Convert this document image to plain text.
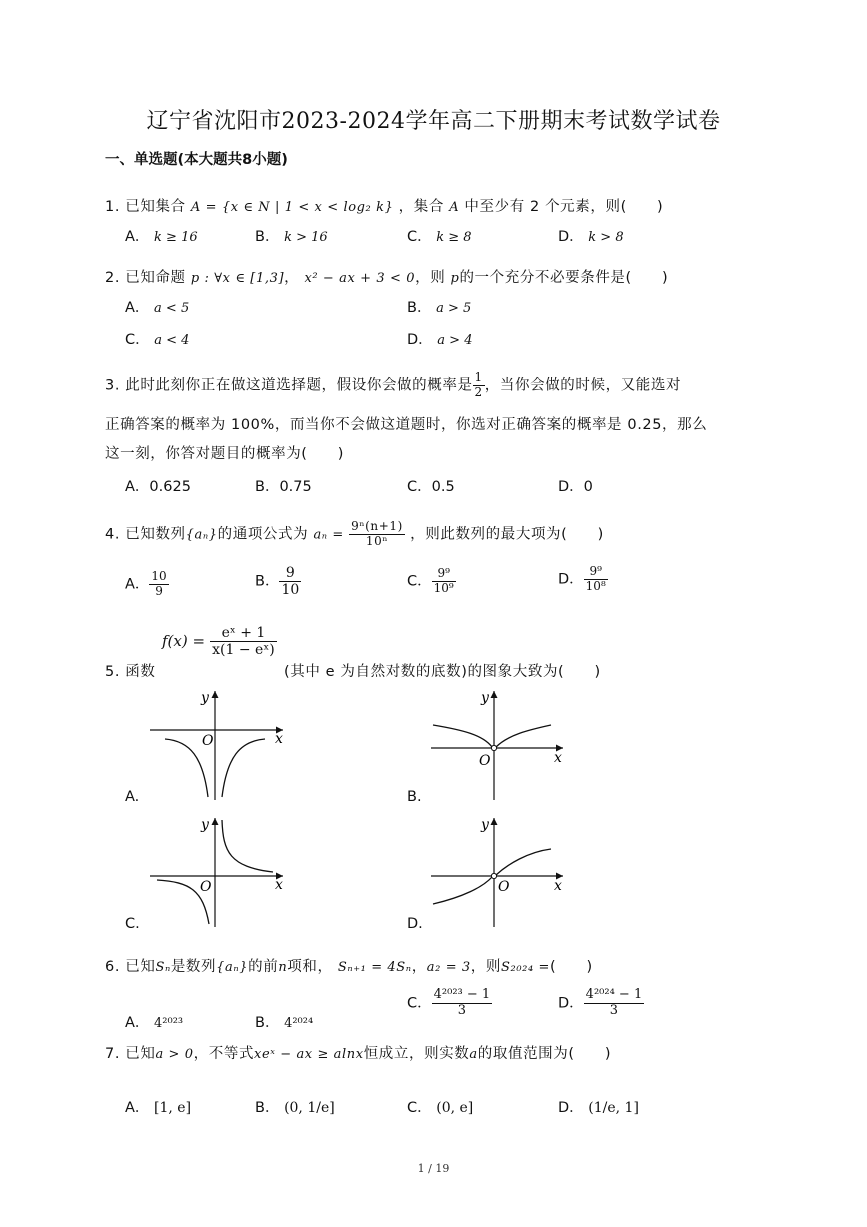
辽宁省沈阳市2023-2024学年高二下册期末考试数学试卷
一、单选题(本大题共8小题)
1. 已知集合 A = {x ∈ N | 1 < x < log₂ k} ，集合 A 中至少有 2 个元素，则(　　)
A． k ≥ 16	B． k > 16	C． k ≥ 8	D． k > 8
2. 已知命题 p : ∀x ∈ [1,3]， x² − ax + 3 < 0，则 p的一个充分不必要条件是(　　)
A． a < 5	B． a > 5
C． a < 4	D． a > 4
3. 此时此刻你正在做这道选择题，假设你会做的概率是 $\frac{1}{2}$ ，当你会做的时候，又能选对
正确答案的概率为 100%，而当你不会做这道题时，你选对正确答案的概率是 0.25，那么
这一刻，你答对题目的概率为(　　)
A．0.625	B．0.75	C．0.5	D．0
4. 已知数列{aₙ}的通项公式为 $a_n = \frac{\text{9ⁿ(n+1)}}{\text{10ⁿ}}$ ，则此数列的最大项为(　　)
A． $\frac{10}{9}$	B． $\frac{9}{10}$	C． $\frac{\text{9⁹}}{\text{10⁹}}$	D． $\frac{\text{9⁹}}{\text{10⁸}}$
$f(x) = \frac{\text{eˣ + 1}}{\text{x(1 − eˣ)}}$
5. 函数	(其中 e 为自然对数的底数)的图象大致为(　　)
A.	B.
C.	D.
x
y
O
x
y
O
x
y
O	x
y
O
6. 已知Sₙ是数列{aₙ}的前n项和， Sₙ₊₁ = 4Sₙ，a₂ = 3，则S₂₀₂₄ =(　　)
A． 4²⁰²³	B． 4²⁰²⁴
C． $\frac{\text{4²⁰²³ − 1}}{3}$	D． $\frac{\text{4²⁰²⁴ − 1}}{3}$
7. 已知a > 0，不等式xeˣ − ax ≥ alnx恒成立，则实数a的取值范围为(　　)
A． [1, e]	B． (0, 1/e]	C． (0, e]	D． (1/e, 1]
1 / 19
